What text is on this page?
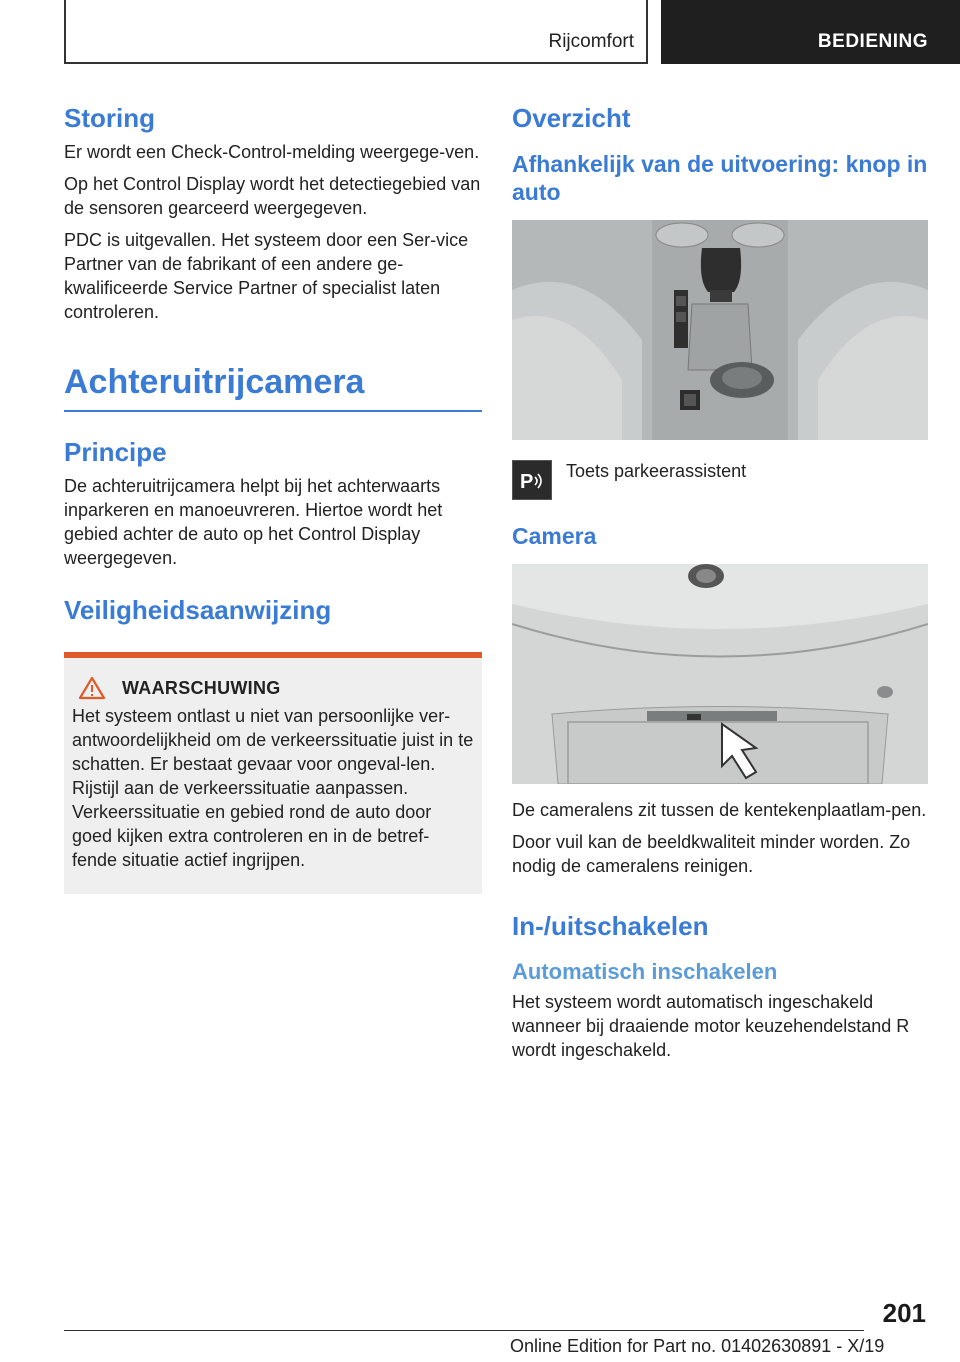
Rijcomfort	BEDIENING
Storing

Er wordt een Check-Control-melding weergege-ven.

Op het Control Display wordt het detectiegebied van de sensoren gearceerd weergegeven.

PDC is uitgevallen. Het systeem door een Ser-vice Partner van de fabrikant of een andere ge-kwalificeerde Service Partner of specialist laten controleren.

Achteruitrijcamera
Principe

De achteruitrijcamera helpt bij het achterwaarts inparkeren en manoeuvreren. Hiertoe wordt het gebied achter de auto op het Control Display weergegeven.

Veiligheidsaanwijzing
WAARSCHUWING

Het systeem ontlast u niet van persoonlijke ver-antwoordelijkheid om de verkeerssituatie juist in te schatten. Er bestaat gevaar voor ongeval-len. Rijstijl aan de verkeerssituatie aanpassen. Verkeerssituatie en gebied rond de auto door goed kijken extra controleren en in de betref-fende situatie actief ingrijpen.

Overzicht
Afhankelijk van de uitvoering: knop in auto
P Toets parkeerassistent
Camera

De cameralens zit tussen de kentekenplaatlam-pen.

Door vuil kan de beeldkwaliteit minder worden. Zo nodig de cameralens reinigen.

In-/uitschakelen
Automatisch inschakelen

Het systeem wordt automatisch ingeschakeld wanneer bij draaiende motor keuzehendelstand R wordt ingeschakeld.

201
Online Edition for Part no. 01402630891 - X/19
